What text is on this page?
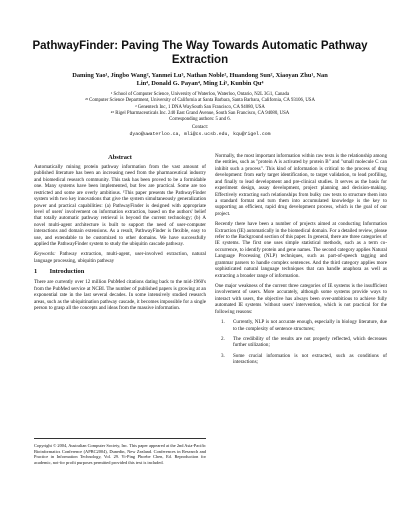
PathwayFinder: Paving The Way Towards Automatic Pathway
Extraction
Daming Yao¹, Jingbo Wang², Yanmei Lu³, Nathan Noble², Huandong Sun², Xiaoyan Zhu¹, Nan
Lin⁴, Donald G. Payan⁴, Ming Li⁵, Kunbin Qu⁴
¹ School of Computer Science, University of Waterloo, Waterloo, Ontario, N2L 3G1, Canada
²³ Computer Science Department, University of California at Santa Barbara, Santa Barbara, California, CA 93106, USA
³ Genentech Inc, 1 DNA WaySouth San Francisco, CA 94080, USA
⁴⁵ Rigel Pharmaceuticals Inc. 240 East Grand Avenue, South San Francisco, CA 94080, USA
Corresponding authors: 5 and 6.
Contact:
dyao@uwaterloo.ca, mli@cs.ucsb.edu, kqu@rigel.com
Abstract

Automatically mining protein pathway information from the vast amount of published literature has been an increasing need from the pharmaceutical industry and biomedical research community. This task has been proved to be a formidable one. Many systems have been implemented, but few are practical. Some are too restricted and some are overly ambitious. ¹This paper presents the PathwayFinder system with two key innovations that give the system simultaneously generalization power and practical capabilities: (a) PathwayFinder is designed with appropriate level of users' involvement on information extraction, based on the authors' belief that totally automatic pathway retrieval is beyond the current technology; (b) A novel multi-agent architecture is built to support the need of user-computer interactions and domain extensions. As a result, PathwayFinder is flexible, easy to use, and extendable to be customized to other domains. We have successfully applied the PathwayFinder system to study the ubiquitin cascade pathway.

Keywords: Pathway extraction, multi-agent, user-involved extraction, natural language processing, ubiquitin pathway

1 Introduction

There are currently over 12 million PubMed citations dating back to the mid-1960's from the PubMed service at NCBI. The number of published papers is growing at an exponential rate in the last several decades. In some intensively studied research areas, such as the ubiquitination pathway cascade, it becomes impossible for a single person to grasp all the concepts and ideas from the massive information.

Copyright © 2004, Australian Computer Society, Inc. This paper appeared at the 2nd Asia-Pacific Bioinformatics Conference (APBC2004), Dunedin, New Zealand. Conferences in Research and Practice in Information Technology, Vol. 29. Yi-Ping Phoebe Chen, Ed. Reproduction for academic, not-for profit purposes permitted provided this text is included.

Normally, the most important information within raw texts is the relationship among the entities, such as "protein A is activated by protein B" and "small molecule C can inhibit such a process". This kind of information is critical to the process of drug development: from early target identification, to target validation, to lead profiling, and finally to lead development and pre-clinical studies. It serves as the basis for experiment design, assay development, project planning and decision-making. Effectively extracting such relationships from bulky raw texts to structure them into a standard format and turn them into accumulated knowledge is the key to supporting an efficient, rapid drug development process, which is the goal of our project.

Recently there have been a number of projects aimed at conducting Information Extraction (IE) automatically in the biomedical domain. For a detailed review, please refer to the Background section of this paper. In general, there are three categories of IE systems. The first one uses simple statistical methods, such as a term co-occurrence, to identify protein and gene names. The second category applies Natural Language Processing (NLP) techniques, such as part-of-speech tagging and grammar parsers to handle complex sentences. And the third category applies more sophisticated natural language techniques that can handle anaphora as well as extracting a broader range of information.

One major weakness of the current three categories of IE systems is the insufficient involvement of users. More accurately, although some systems provide ways to interact with users, the objective has always been over-ambitious to achieve fully automated IE systems 'without users' intervention, which is not practical for the following reasons:

1. Currently, NLP is not accurate enough, especially in biology literature, due to the complexity of sentence structures;
2. The credibility of the results are not properly reflected, which decreases further utilization;
3. Some crucial information is not extracted, such as conditions of interactions;
